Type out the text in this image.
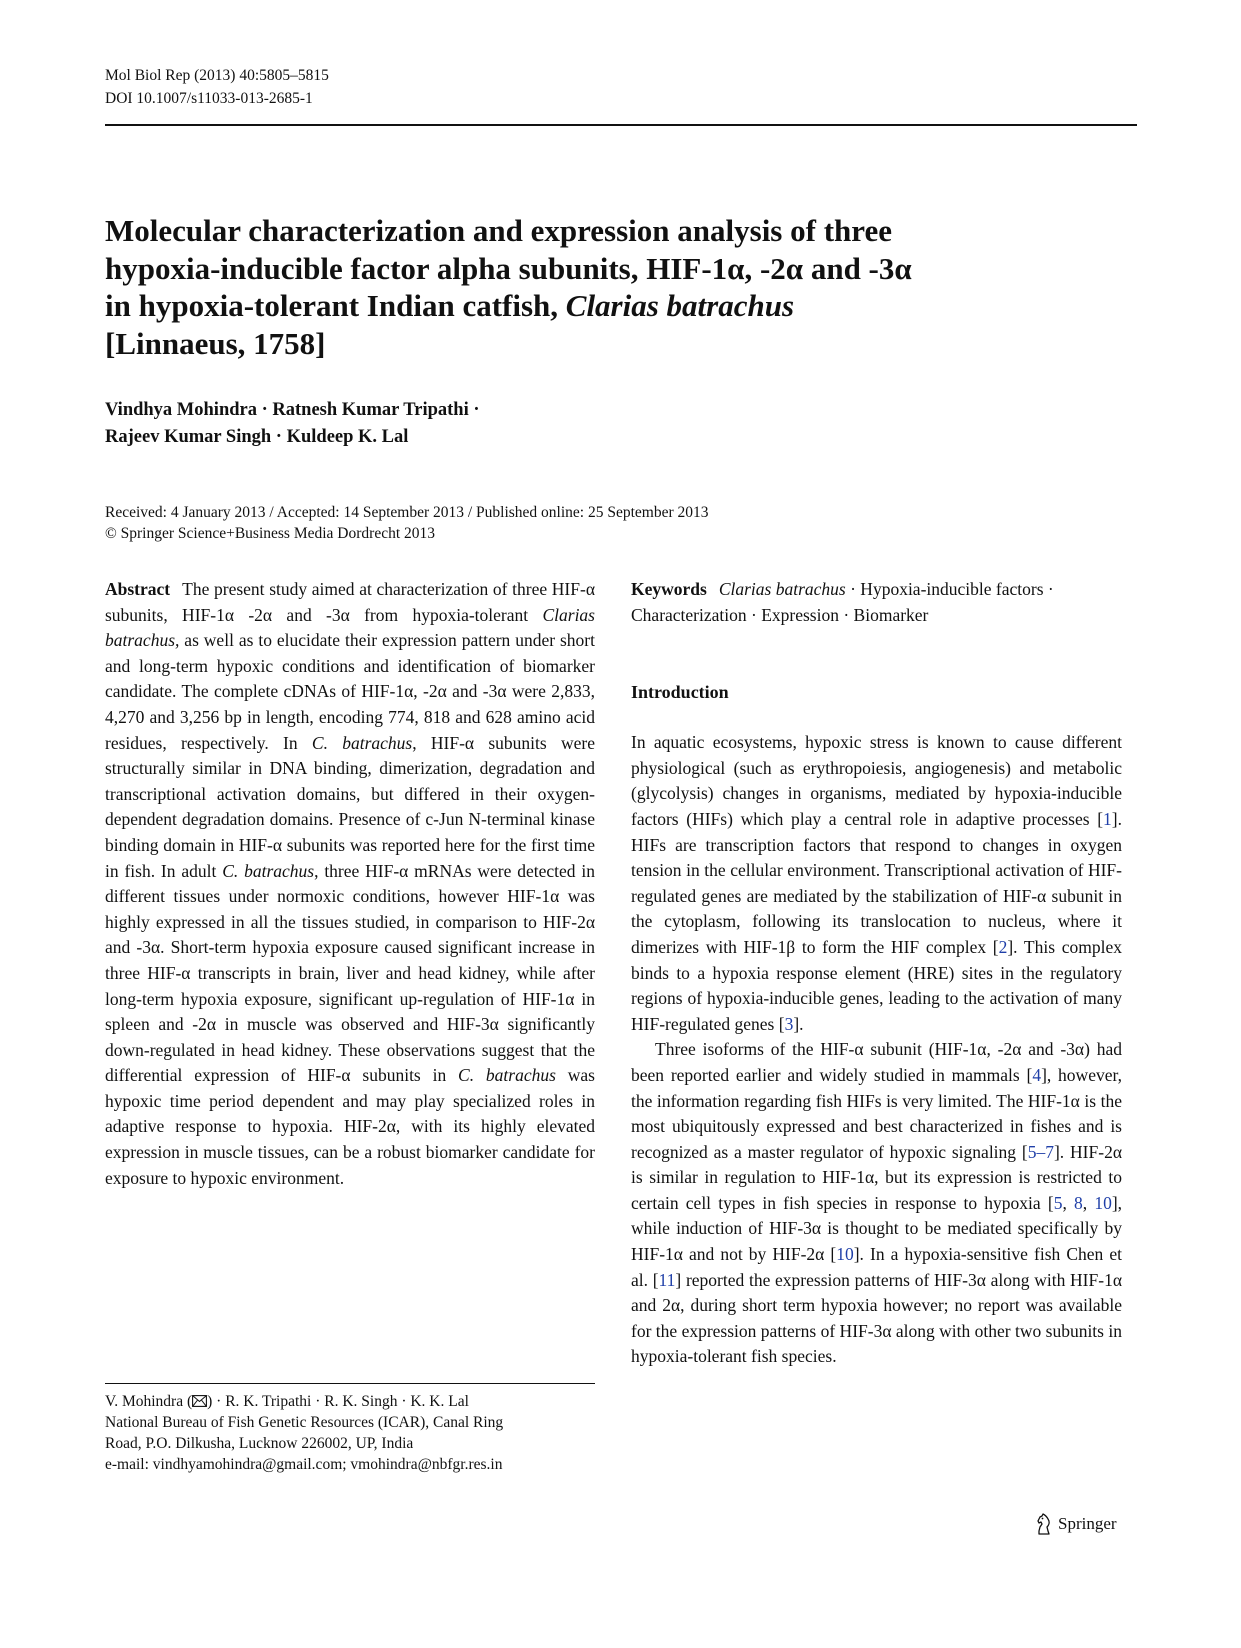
Mol Biol Rep (2013) 40:5805–5815
DOI 10.1007/s11033-013-2685-1
Molecular characterization and expression analysis of three
hypoxia-inducible factor alpha subunits, HIF-1α, -2α and -3α
in hypoxia-tolerant Indian catfish, Clarias batrachus
[Linnaeus, 1758]
Vindhya Mohindra · Ratnesh Kumar Tripathi ·
Rajeev Kumar Singh · Kuldeep K. Lal
Received: 4 January 2013 / Accepted: 14 September 2013 / Published online: 25 September 2013
© Springer Science+Business Media Dordrecht 2013

Abstract The present study aimed at characterization of three HIF-α subunits, HIF-1α -2α and -3α from hypoxia-tolerant Clarias batrachus, as well as to elucidate their expression pattern under short and long-term hypoxic conditions and identification of biomarker candidate. The complete cDNAs of HIF-1α, -2α and -3α were 2,833, 4,270 and 3,256 bp in length, encoding 774, 818 and 628 amino acid residues, respectively. In C. batrachus, HIF-α subunits were structurally similar in DNA binding, dimerization, degradation and transcriptional activation domains, but differed in their oxygen-dependent degradation domains. Presence of c-Jun N-terminal kinase binding domain in HIF-α subunits was reported here for the first time in fish. In adult C. batrachus, three HIF-α mRNAs were detected in different tissues under normoxic conditions, however HIF-1α was highly expressed in all the tissues studied, in comparison to HIF-2α and -3α. Short-term hypoxia exposure caused significant increase in three HIF-α transcripts in brain, liver and head kidney, while after long-term hypoxia exposure, significant up-regulation of HIF-1α in spleen and -2α in muscle was observed and HIF-3α significantly down-regulated in head kidney. These observations suggest that the differential expression of HIF-α subunits in C. batrachus was hypoxic time period dependent and may play specialized roles in adaptive response to hypoxia. HIF-2α, with its highly elevated expression in muscle tissues, can be a robust biomarker candidate for exposure to hypoxic environment.

V. Mohindra ( ) · R. K. Tripathi · R. K. Singh · K. K. Lal
National Bureau of Fish Genetic Resources (ICAR), Canal Ring
Road, P.O. Dilkusha, Lucknow 226002, UP, India
e-mail: vindhyamohindra@gmail.com; vmohindra@nbfgr.res.in

Keywords Clarias batrachus · Hypoxia-inducible factors · Characterization · Expression · Biomarker

Introduction

In aquatic ecosystems, hypoxic stress is known to cause different physiological (such as erythropoiesis, angiogenesis) and metabolic (glycolysis) changes in organisms, mediated by hypoxia-inducible factors (HIFs) which play a central role in adaptive processes [1]. HIFs are transcription factors that respond to changes in oxygen tension in the cellular environment. Transcriptional activation of HIF-regulated genes are mediated by the stabilization of HIF-α subunit in the cytoplasm, following its translocation to nucleus, where it dimerizes with HIF-1β to form the HIF complex [2]. This complex binds to a hypoxia response element (HRE) sites in the regulatory regions of hypoxia-inducible genes, leading to the activation of many HIF-regulated genes [3].

Three isoforms of the HIF-α subunit (HIF-1α, -2α and -3α) had been reported earlier and widely studied in mammals [4], however, the information regarding fish HIFs is very limited. The HIF-1α is the most ubiquitously expressed and best characterized in fishes and is recognized as a master regulator of hypoxic signaling [5–7]. HIF-2α is similar in regulation to HIF-1α, but its expression is restricted to certain cell types in fish species in response to hypoxia [5, 8, 10], while induction of HIF-3α is thought to be mediated specifically by HIF-1α and not by HIF-2α [10]. In a hypoxia-sensitive fish Chen et al. [11] reported the expression patterns of HIF-3α along with HIF-1α and 2α, during short term hypoxia however; no report was available for the expression patterns of HIF-3α along with other two subunits in hypoxia-tolerant fish species.

Springer
